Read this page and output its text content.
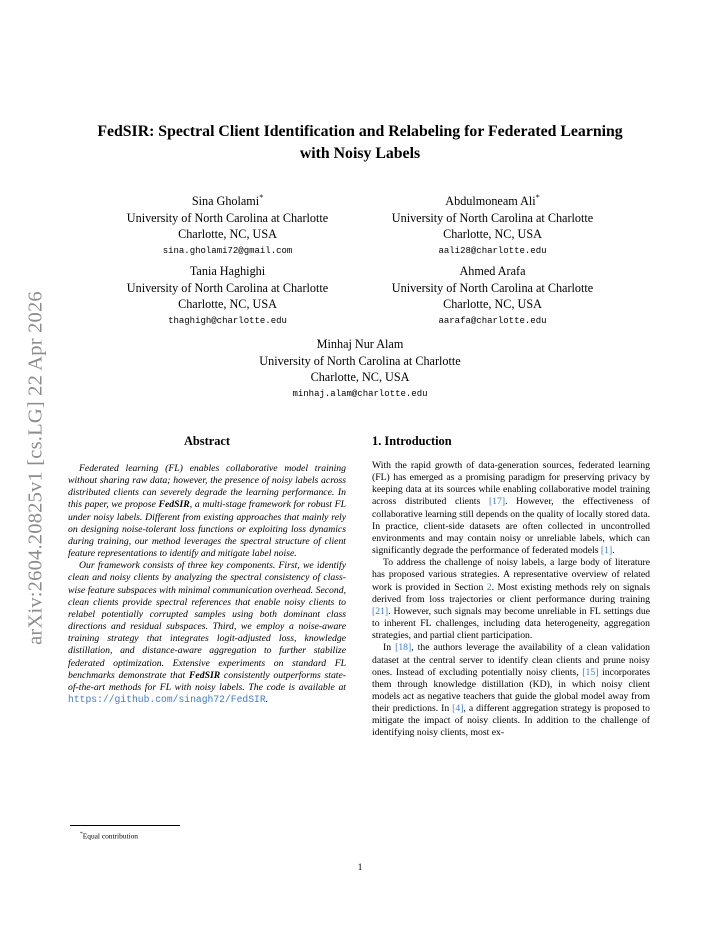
arXiv:2604.20825v1 [cs.LG] 22 Apr 2026
FedSIR: Spectral Client Identification and Relabeling for Federated Learning
with Noisy Labels
Sina Gholami*
University of North Carolina at Charlotte
Charlotte, NC, USA
sina.gholami72@gmail.com
Abdulmoneam Ali*
University of North Carolina at Charlotte
Charlotte, NC, USA
aali28@charlotte.edu
Tania Haghighi
University of North Carolina at Charlotte
Charlotte, NC, USA
thaghigh@charlotte.edu
Ahmed Arafa
University of North Carolina at Charlotte
Charlotte, NC, USA
aarafa@charlotte.edu
Minhaj Nur Alam
University of North Carolina at Charlotte
Charlotte, NC, USA
minhaj.alam@charlotte.edu
Abstract

Federated learning (FL) enables collaborative model training without sharing raw data; however, the presence of noisy labels across distributed clients can severely degrade the learning performance. In this paper, we propose FedSIR, a multi-stage framework for robust FL under noisy labels. Different from existing approaches that mainly rely on designing noise-tolerant loss functions or exploiting loss dynamics during training, our method leverages the spectral structure of client feature representations to identify and mitigate label noise.

Our framework consists of three key components. First, we identify clean and noisy clients by analyzing the spectral consistency of class-wise feature subspaces with minimal communication overhead. Second, clean clients provide spectral references that enable noisy clients to relabel potentially corrupted samples using both dominant class directions and residual subspaces. Third, we employ a noise-aware training strategy that integrates logit-adjusted loss, knowledge distillation, and distance-aware aggregation to further stabilize federated optimization. Extensive experiments on standard FL benchmarks demonstrate that FedSIR consistently outperforms state-of-the-art methods for FL with noisy labels. The code is available at https://github.com/sinagh72/FedSIR.

1. Introduction

With the rapid growth of data-generation sources, federated learning (FL) has emerged as a promising paradigm for preserving privacy by keeping data at its sources while enabling collaborative model training across distributed clients [17]. However, the effectiveness of collaborative learning still depends on the quality of locally stored data. In practice, client-side datasets are often collected in uncontrolled environments and may contain noisy or unreliable labels, which can significantly degrade the performance of federated models [1].

To address the challenge of noisy labels, a large body of literature has proposed various strategies. A representative overview of related work is provided in Section 2. Most existing methods rely on signals derived from loss trajectories or client performance during training [21]. However, such signals may become unreliable in FL settings due to inherent FL challenges, including data heterogeneity, aggregation strategies, and partial client participation.

In [18], the authors leverage the availability of a clean validation dataset at the central server to identify clean clients and prune noisy ones. Instead of excluding potentially noisy clients, [15] incorporates them through knowledge distillation (KD), in which noisy client models act as negative teachers that guide the global model away from their predictions. In [4], a different aggregation strategy is proposed to mitigate the impact of noisy clients. In addition to the challenge of identifying noisy clients, most ex-

*Equal contribution
1
